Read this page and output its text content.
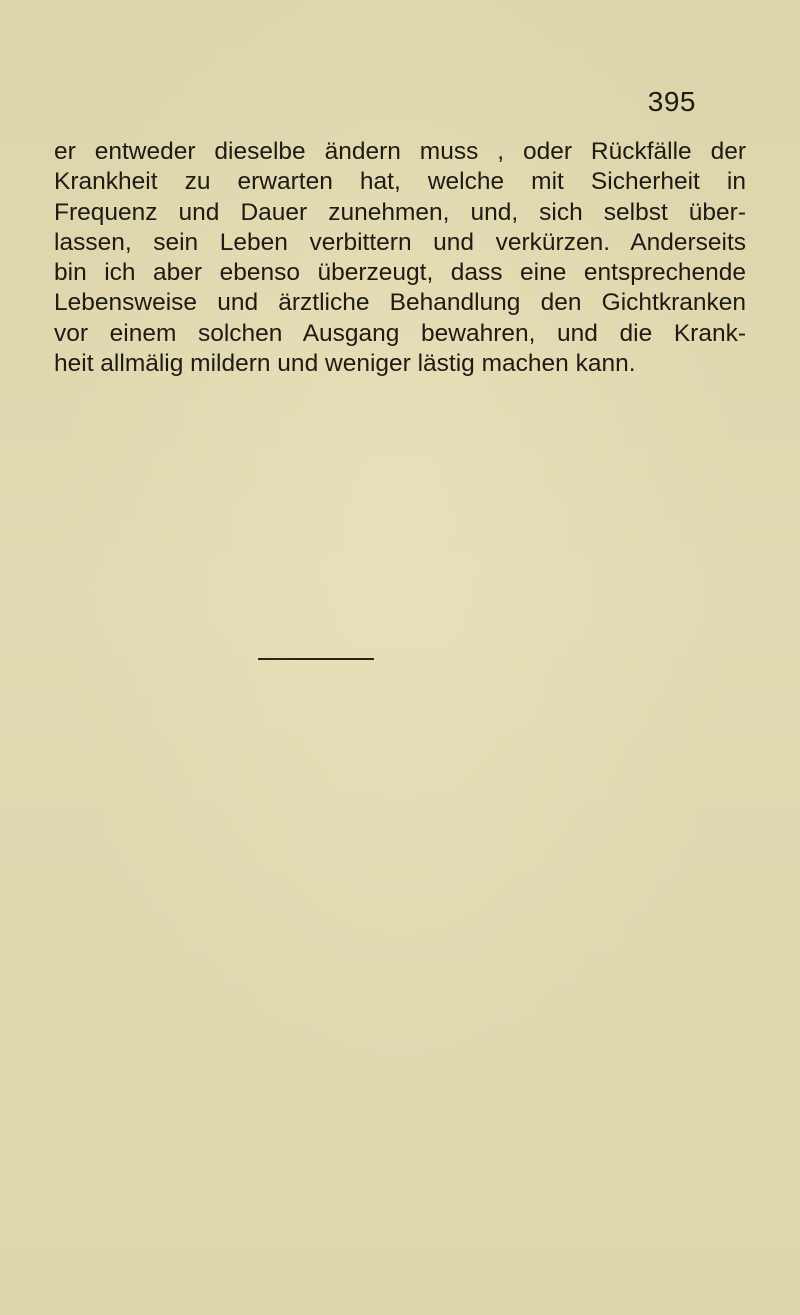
395

er entweder dieselbe ändern muss , oder Rückfälle der
Krankheit zu erwarten hat, welche mit Sicherheit in
Frequenz und Dauer zunehmen, und, sich selbst über-
lassen, sein Leben verbittern und verkürzen. Anderseits
bin ich aber ebenso überzeugt, dass eine entsprechende
Lebensweise und ärztliche Behandlung den Gichtkranken
vor einem solchen Ausgang bewahren, und die Krank-
heit allmälig mildern und weniger lästig machen kann.
